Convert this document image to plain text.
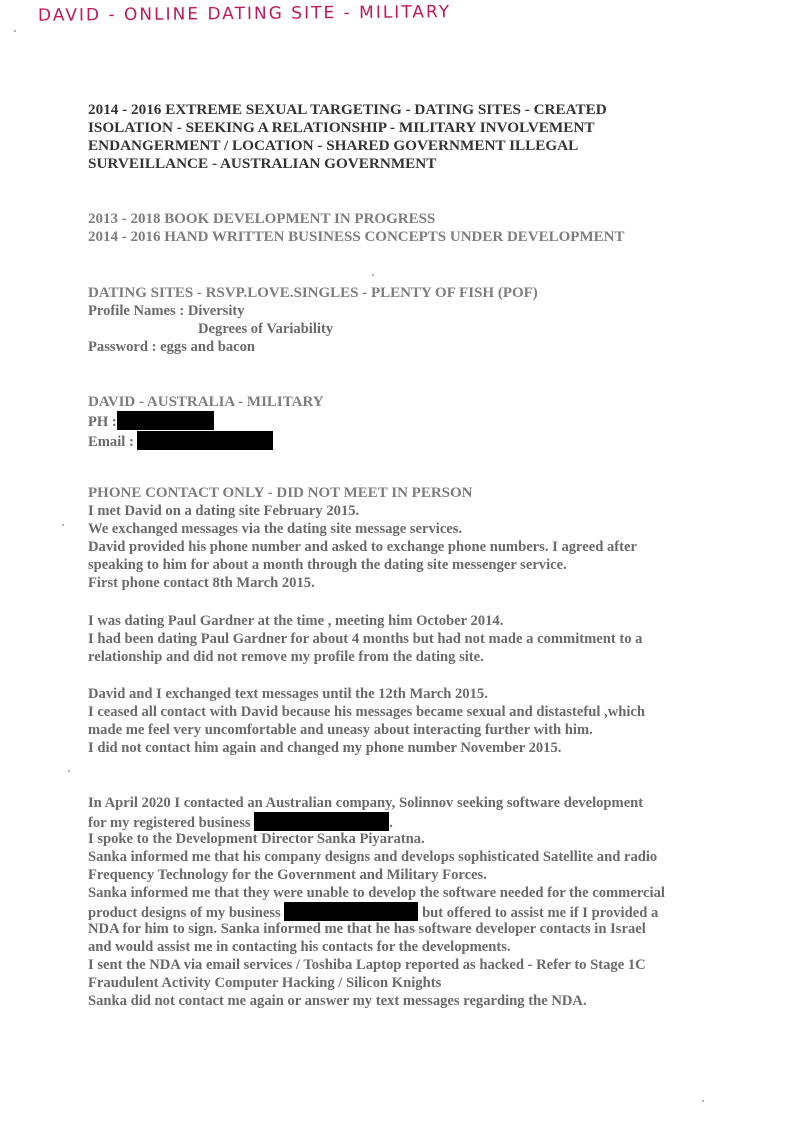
DAVID - ONLINE DATING SITE - MILITARY
2014 - 2016 EXTREME SEXUAL TARGETING - DATING SITES - CREATED
ISOLATION - SEEKING A RELATIONSHIP - MILITARY INVOLVEMENT
ENDANGERMENT / LOCATION - SHARED GOVERNMENT ILLEGAL
SURVEILLANCE - AUSTRALIAN GOVERNMENT
2013 - 2018 BOOK DEVELOPMENT IN PROGRESS
2014 - 2016 HAND WRITTEN BUSINESS CONCEPTS UNDER DEVELOPMENT
DATING SITES - RSVP.LOVE.SINGLES - PLENTY OF FISH (POF)
Profile Names : Diversity
Degrees of Variability
Password : eggs and bacon
DAVID - AUSTRALIA - MILITARY
PH :
Email :
PHONE CONTACT ONLY - DID NOT MEET IN PERSON
I met David on a dating site February 2015.
We exchanged messages via the dating site message services.
David provided his phone number and asked to exchange phone numbers. I agreed after
speaking to him for about a month through the dating site messenger service.
First phone contact 8th March 2015.
I was dating Paul Gardner at the time , meeting him October 2014.
I had been dating Paul Gardner for about 4 months but had not made a commitment to a
relationship and did not remove my profile from the dating site.
David and I exchanged text messages until the 12th March 2015.
I ceased all contact with David because his messages became sexual and distasteful ,which
made me feel very uncomfortable and uneasy about interacting further with him.
I did not contact him again and changed my phone number November 2015.
In April 2020 I contacted an Australian company, Solinnov seeking software development
for my registered business	.
I spoke to the Development Director Sanka Piyaratna.
Sanka informed me that his company designs and develops sophisticated Satellite and radio
Frequency Technology for the Government and Military Forces.
Sanka informed me that they were unable to develop the software needed for the commercial
product designs of my business	but offered to assist me if I provided a
NDA for him to sign. Sanka informed me that he has software developer contacts in Israel
and would assist me in contacting his contacts for the developments.
I sent the NDA via email services / Toshiba Laptop reported as hacked - Refer to Stage 1C
Fraudulent Activity Computer Hacking / Silicon Knights
Sanka did not contact me again or answer my text messages regarding the NDA.
